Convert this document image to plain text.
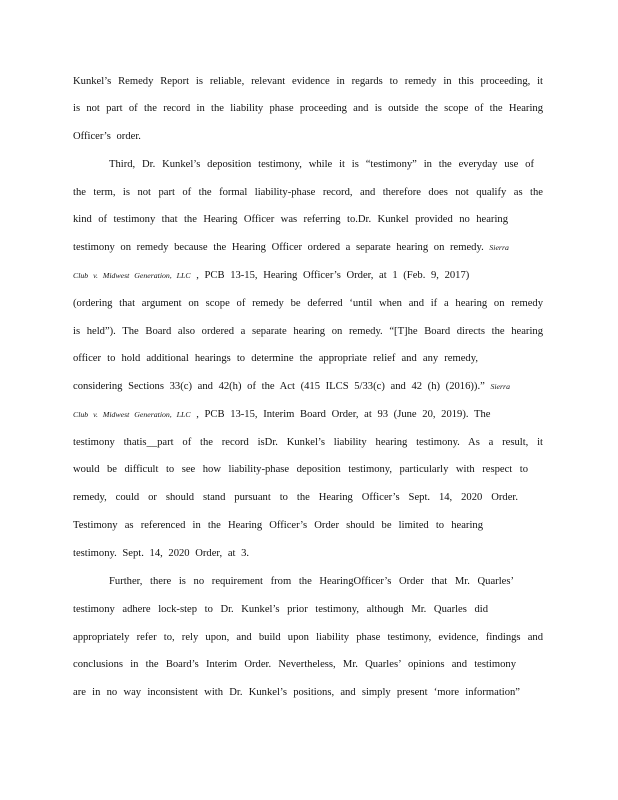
Kunkel’s Remedy Report is reliable, relevant evidence in regards to remedy in this proceeding, it
is not part of the record in the liability phase proceeding and is outside the scope of the Hearing
Officer’s order.
Third, Dr. Kunkel’s deposition testimony, while it is “testimony” in the everyday use of
the term, is not part of the formal liability-phase record, and therefore does not qualify as the
kind of testimony that the Hearing Officer was referring to.Dr. Kunkel provided no hearing
testimony on remedy because the Hearing Officer ordered a separate hearing on remedy. Sierra
Club v. Midwest Generation, LLC , PCB 13-15, Hearing Officer’s Order, at 1 (Feb. 9, 2017)
(ordering that argument on scope of remedy be deferred ‘until when and if a hearing on remedy
is held”). The Board also ordered a separate hearing on remedy. “[T]he Board directs the hearing
officer to hold additional hearings to determine the appropriate relief and any remedy,
considering Sections 33(c) and 42(h) of the Act (415 ILCS 5/33(c) and 42 (h) (2016)).” Sierra
Club v. Midwest Generation, LLC , PCB 13-15, Interim Board Order, at 93 (June 20, 2019). The
testimony thatis__part of the record isDr. Kunkel’s liability hearing testimony. As a result, it
would be difficult to see how liability-phase deposition testimony, particularly with respect to
remedy, could or should stand pursuant to the Hearing Officer’s Sept. 14, 2020 Order.
Testimony as referenced in the Hearing Officer’s Order should be limited to hearing
testimony. Sept. 14, 2020 Order, at 3.
Further, there is no requirement from the HearingOfficer’s Order that Mr. Quarles’
testimony adhere lock-step to Dr. Kunkel’s prior testimony, although Mr. Quarles did
appropriately refer to, rely upon, and build upon liability phase testimony, evidence, findings and
conclusions in the Board’s Interim Order. Nevertheless, Mr. Quarles’ opinions and testimony
are in no way inconsistent with Dr. Kunkel’s positions, and simply present ‘more information”
